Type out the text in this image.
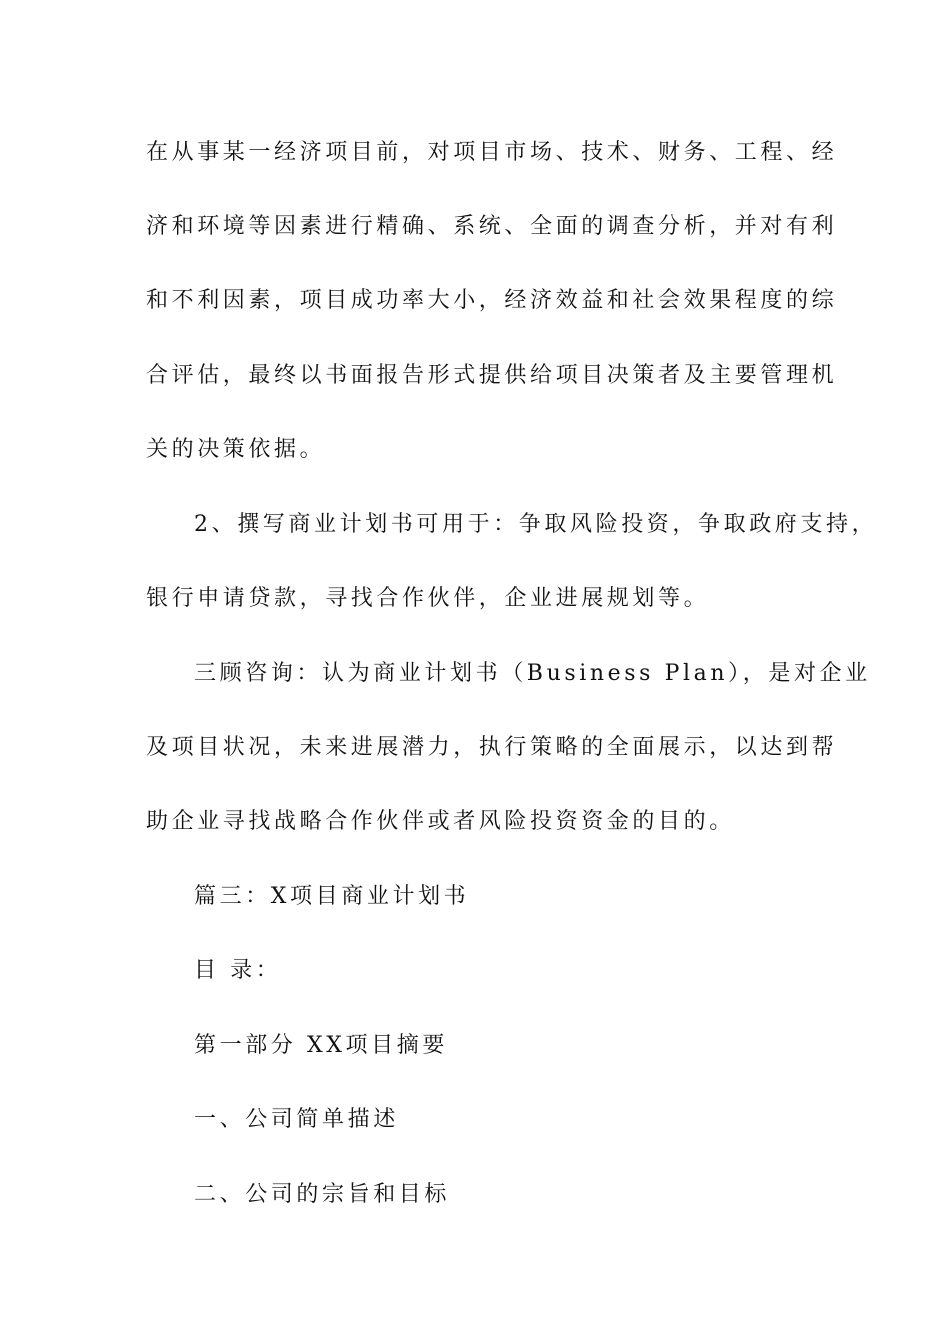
在从事某一经济项目前，对项目市场、技术、财务、工程、经
济和环境等因素进行精确、系统、全面的调查分析，并对有利
和不利因素，项目成功率大小，经济效益和社会效果程度的综
合评估，最终以书面报告形式提供给项目决策者及主要管理机
关的决策依据。
2、撰写商业计划书可用于：争取风险投资，争取政府支持，
银行申请贷款，寻找合作伙伴，企业进展规划等。
三顾咨询：认为商业计划书（Business Plan），是对企业
及项目状况，未来进展潜力，执行策略的全面展示，以达到帮
助企业寻找战略合作伙伴或者风险投资资金的目的。
篇三：X项目商业计划书
目 录：
第一部分 XX项目摘要
一、公司简单描述
二、公司的宗旨和目标
